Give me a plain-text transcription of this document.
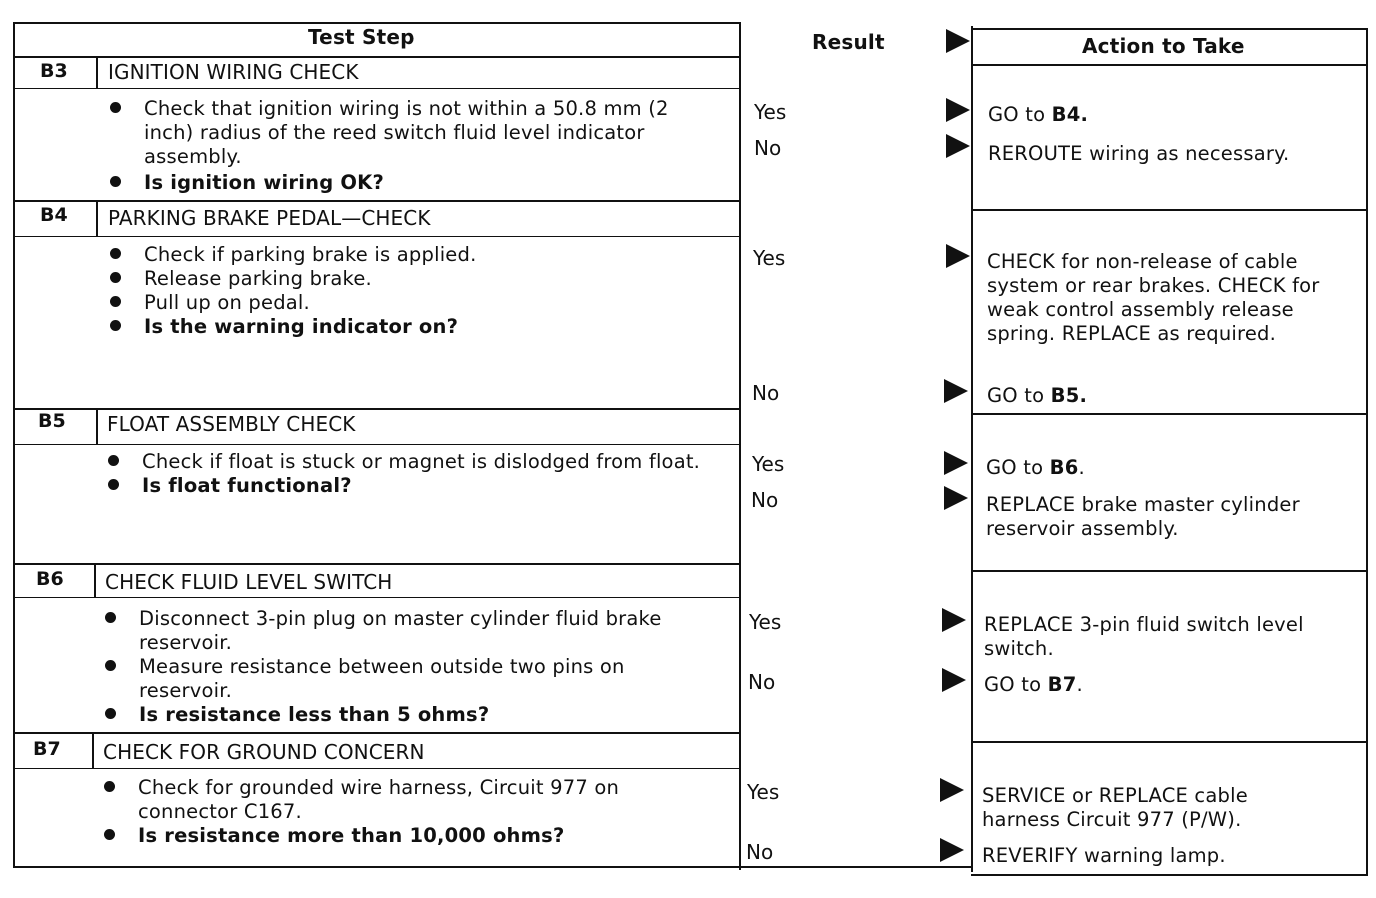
Test Step	Result	Action to Take
B3 IGNITION WIRING CHECK
Check that ignition wiring is not within a 50.8 mm (2 inch) radius of the reed switch fluid level indicator assembly.
Is ignition wiring OK?
Yes	GO to B4.
No	REROUTE wiring as necessary.
B4 PARKING BRAKE PEDAL—CHECK
Check if parking brake is applied.
Release parking brake.
Pull up on pedal.
Is the warning indicator on?
Yes	CHECK for non-release of cable system or rear brakes. CHECK for weak control assembly release spring. REPLACE as required.
No	GO to B5.
B5 FLOAT ASSEMBLY CHECK
Check if float is stuck or magnet is dislodged from float.
Is float functional?
Yes	GO to B6.
No	REPLACE brake master cylinder reservoir assembly.
B6 CHECK FLUID LEVEL SWITCH
Disconnect 3-pin plug on master cylinder fluid brake reservoir.
Measure resistance between outside two pins on reservoir.
Is resistance less than 5 ohms?
Yes	REPLACE 3-pin fluid switch level switch.
No	GO to B7.
B7 CHECK FOR GROUND CONCERN
Check for grounded wire harness, Circuit 977 on connector C167.
Is resistance more than 10,000 ohms?
Yes	SERVICE or REPLACE cable harness Circuit 977 (P/W).
No	REVERIFY warning lamp.
